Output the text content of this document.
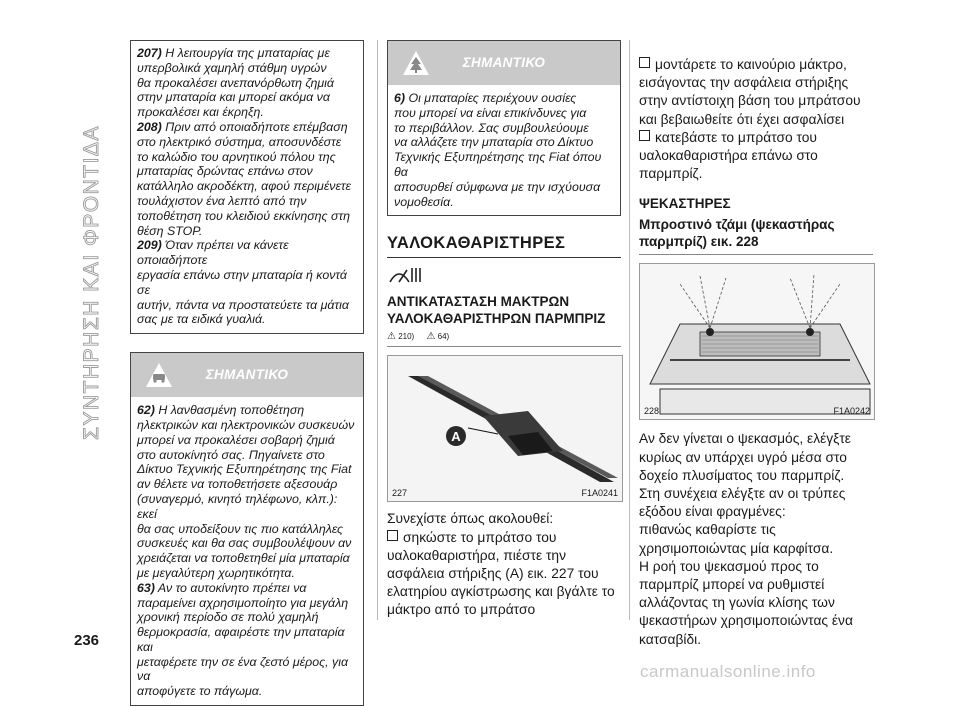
ΣΥΝΤΗΡΗΣΗ ΚΑΙ ΦΡΟΝΤΙΔΑ
236

207) Η λειτουργία της μπαταρίας με

υπερβολικά χαμηλή στάθμη υγρών

θα προκαλέσει ανεπανόρθωτη ζημιά

στην μπαταρία και μπορεί ακόμα να

προκαλέσει και έκρηξη.

208) Πριν από οποιαδήποτε επέμβαση

στο ηλεκτρικό σύστημα, αποσυνδέστε

το καλώδιο του αρνητικού πόλου της

μπαταρίας δρώντας επάνω στον

κατάλληλο ακροδέκτη, αφού περιμένετε

τουλάχιστον ένα λεπτό από την

τοποθέτηση του κλειδιού εκκίνησης στη

θέση STOP.

209) Όταν πρέπει να κάνετε οποιαδήποτε

εργασία επάνω στην μπαταρία ή κοντά σε

αυτήν, πάντα να προστατεύετε τα μάτια

σας με τα ειδικά γυαλιά.

ΣΗΜΑΝΤΙΚΟ

62) Η λανθασμένη τοποθέτηση

ηλεκτρικών και ηλεκτρονικών συσκευών

μπορεί να προκαλέσει σοβαρή ζημιά

στο αυτοκίνητό σας. Πηγαίνετε στο

Δίκτυο Τεχνικής Εξυπηρέτησης της Fiat

αν θέλετε να τοποθετήσετε αξεσουάρ

(συναγερμό, κινητό τηλέφωνο, κλπ.): εκεί

θα σας υποδείξουν τις πιο κατάλληλες

συσκευές και θα σας συμβουλέψουν αν

χρειάζεται να τοποθετηθεί μία μπαταρία

με μεγαλύτερη χωρητικότητα.

63) Αν το αυτοκίνητο πρέπει να

παραμείνει αχρησιμοποίητο για μεγάλη

χρονική περίοδο σε πολύ χαμηλή

θερμοκρασία, αφαιρέστε την μπαταρία και

μεταφέρετε την σε ένα ζεστό μέρος, για να

αποφύγετε το πάγωμα.

ΣΗΜΑΝΤΙΚΟ

6) Οι μπαταρίες περιέχουν ουσίες

που μπορεί να είναι επικίνδυνες για

το περιβάλλον. Σας συμβουλεύουμε

να αλλάζετε την μπαταρία στο Δίκτυο

Τεχνικής Εξυπηρέτησης της Fiat όπου θα

αποσυρθεί σύμφωνα με την ισχύουσα

νομοθεσία.

ΥΑΛΟΚΑΘΑΡΙΣΤΗΡΕΣ
ΑΝΤΙΚΑΤΑΣΤΑΣΗ ΜΑΚΤΡΩΝ
ΥΑΛΟΚΑΘΑΡΙΣΤΗΡΩΝ ΠΑΡΜΠΡΙΖ
⚠ 210) ⚠ 64)
A
227	F1A0241
Συνεχίστε όπως ακολουθεί:
σηκώστε το μπράτσο του
υαλοκαθαριστήρα, πιέστε την
ασφάλεια στήριξης (A) εικ. 227 του
ελατηρίου αγκίστρωσης και βγάλτε το
μάκτρο από το μπράτσο
μοντάρετε το καινούριο μάκτρο,
εισάγοντας την ασφάλεια στήριξης
στην αντίστοιχη βάση του μπράτσου
και βεβαιωθείτε ότι έχει ασφαλίσει
κατεβάστε το μπράτσο του
υαλοκαθαριστήρα επάνω στο
παρμπρίζ.
ΨΕΚΑΣΤΗΡΕΣ
Μπροστινό τζάμι (ψεκαστήρας
παρμπρίζ) εικ. 228
228	F1A0242
Αν δεν γίνεται ο ψεκασμός, ελέγξτε
κυρίως αν υπάρχει υγρό μέσα στο
δοχείο πλυσίματος του παρμπρίζ.
Στη συνέχεια ελέγξτε αν οι τρύπες
εξόδου είναι φραγμένες:
πιθανώς καθαρίστε τις
χρησιμοποιώντας μία καρφίτσα.
Η ροή του ψεκασμού προς το
παρμπρίζ μπορεί να ρυθμιστεί
αλλάζοντας τη γωνία κλίσης των
ψεκαστήρων χρησιμοποιώντας ένα
κατσαβίδι.
carmanualsonline.info
